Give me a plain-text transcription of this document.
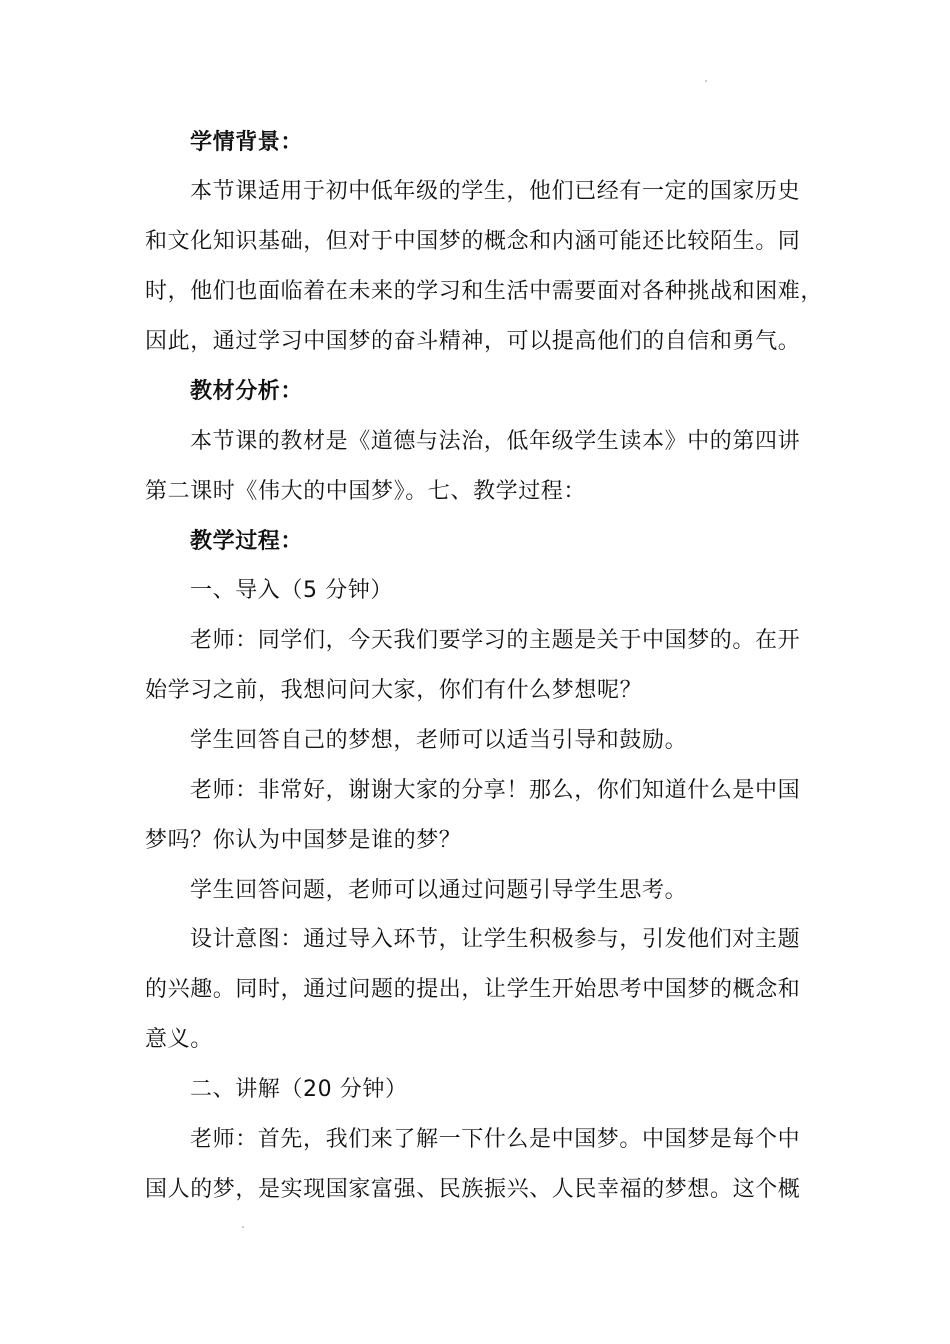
学情背景：
本节课适用于初中低年级的学生，他们已经有一定的国家历史
和文化知识基础，但对于中国梦的概念和内涵可能还比较陌生。同
时，他们也面临着在未来的学习和生活中需要面对各种挑战和困难，
因此，通过学习中国梦的奋斗精神，可以提高他们的自信和勇气。
教材分析：
本节课的教材是《道德与法治，低年级学生读本》中的第四讲
第二课时《伟大的中国梦》。七、教学过程：
教学过程：
一、导入（5 分钟）
老师：同学们，今天我们要学习的主题是关于中国梦的。在开
始学习之前，我想问问大家，你们有什么梦想呢？
学生回答自己的梦想，老师可以适当引导和鼓励。
老师：非常好，谢谢大家的分享！那么，你们知道什么是中国
梦吗？你认为中国梦是谁的梦？
学生回答问题，老师可以通过问题引导学生思考。
设计意图：通过导入环节，让学生积极参与，引发他们对主题
的兴趣。同时，通过问题的提出，让学生开始思考中国梦的概念和
意义。
二、讲解（20 分钟）
老师：首先，我们来了解一下什么是中国梦。中国梦是每个中
国人的梦，是实现国家富强、民族振兴、人民幸福的梦想。这个概
